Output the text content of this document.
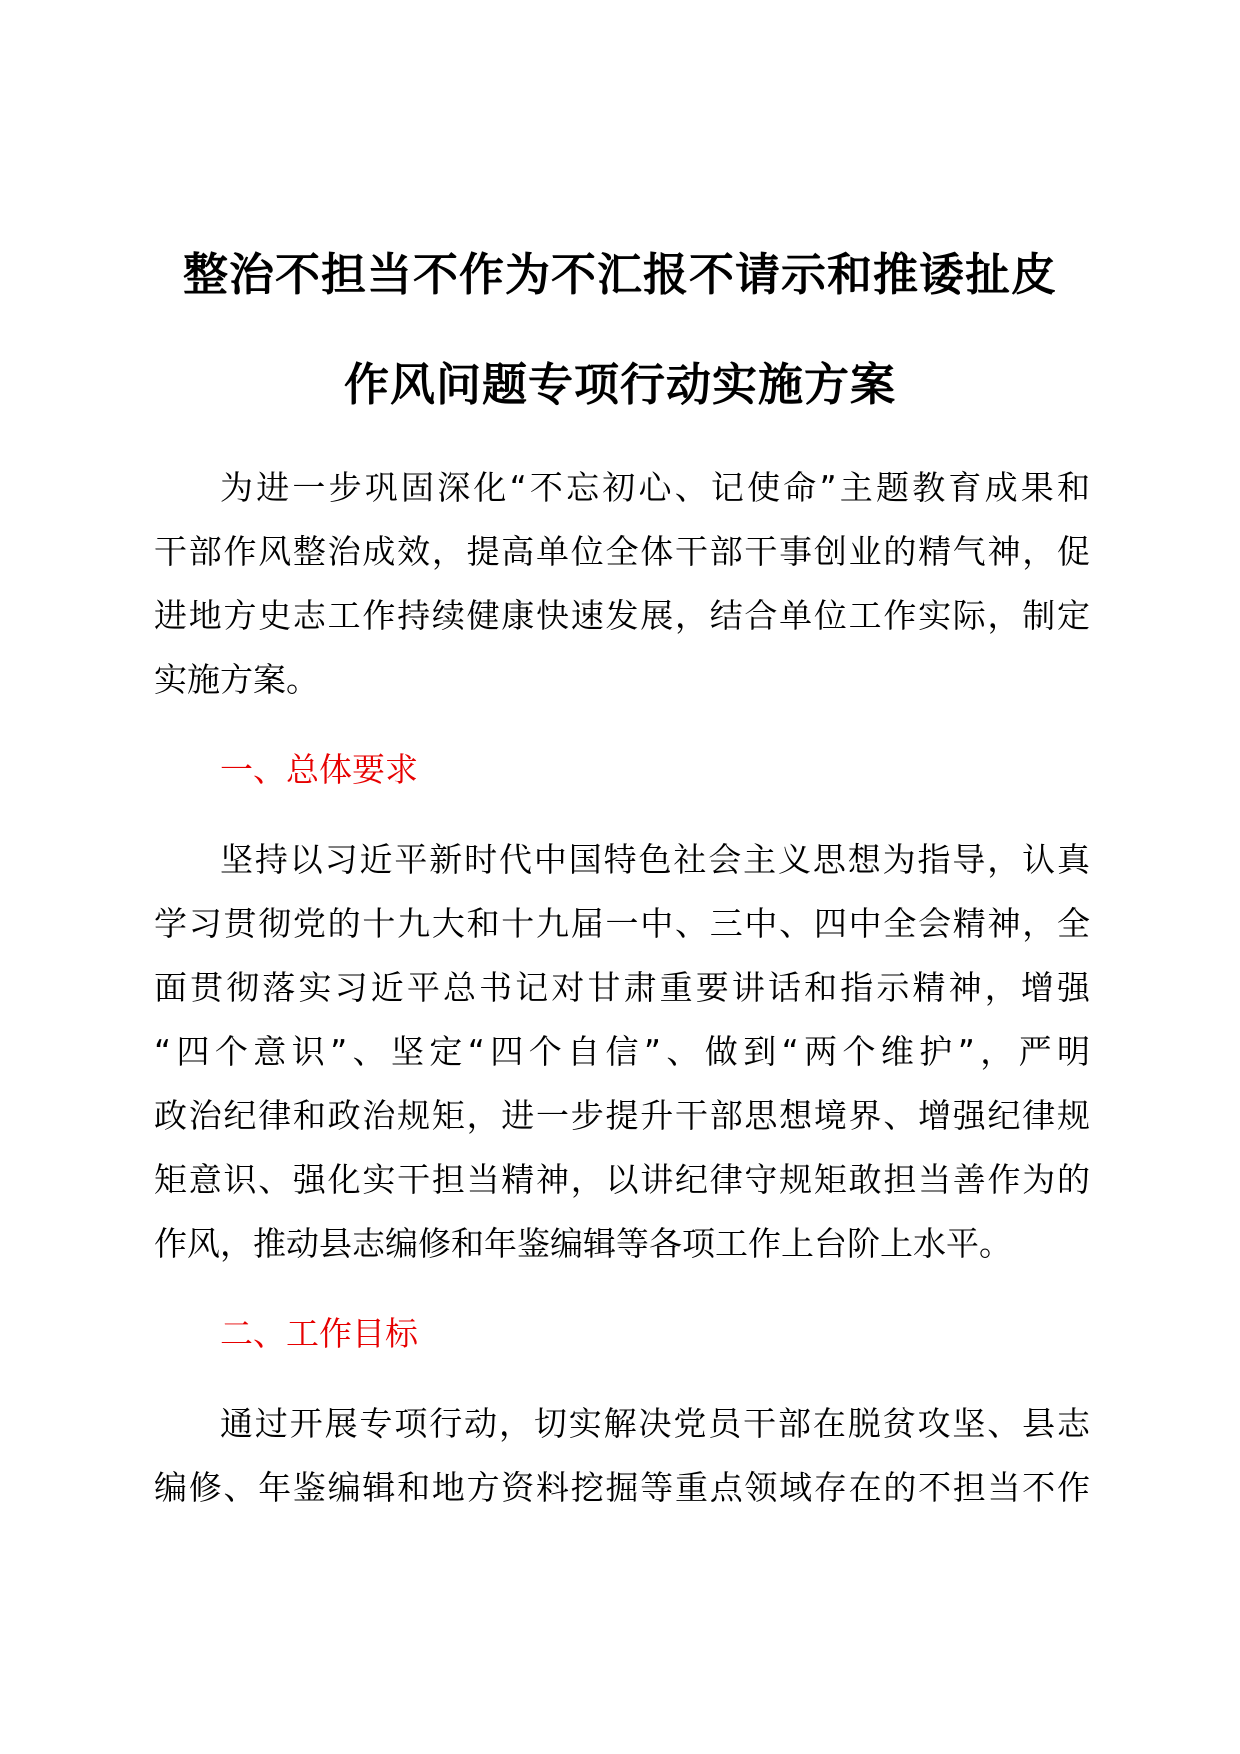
整治不担当不作为不汇报不请示和推诿扯皮
作风问题专项行动实施方案
为进一步巩固深化“不忘初心、记使命”主题教育成果和
干部作风整治成效，提高单位全体干部干事创业的精气神，促
进地方史志工作持续健康快速发展，结合单位工作实际，制定
实施方案。
一、总体要求
坚持以习近平新时代中国特色社会主义思想为指导，认真
学习贯彻党的十九大和十九届一中、三中、四中全会精神，全
面贯彻落实习近平总书记对甘肃重要讲话和指示精神，增强
“四个意识”、坚定“四个自信”、做到“两个维护”，严明
政治纪律和政治规矩，进一步提升干部思想境界、增强纪律规
矩意识、强化实干担当精神，以讲纪律守规矩敢担当善作为的
作风，推动县志编修和年鉴编辑等各项工作上台阶上水平。
二、工作目标
通过开展专项行动，切实解决党员干部在脱贫攻坚、县志
编修、年鉴编辑和地方资料挖掘等重点领域存在的不担当不作
